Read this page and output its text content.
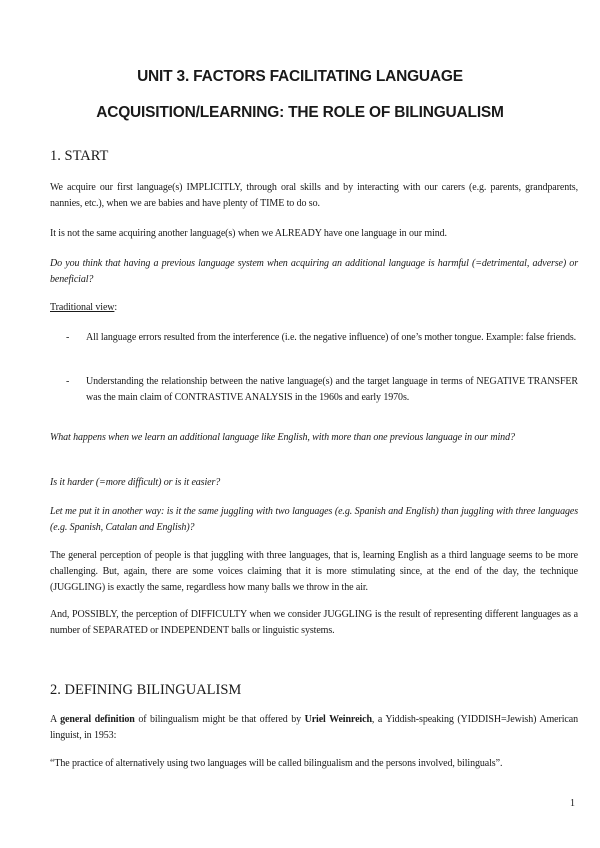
UNIT 3. FACTORS FACILITATING LANGUAGE
ACQUISITION/LEARNING: THE ROLE OF BILINGUALISM
1. START

We acquire our first language(s) IMPLICITLY, through oral skills and by interacting with our carers (e.g. parents, grandparents, nannies, etc.), when we are babies and have plenty of TIME to do so.

It is not the same acquiring another language(s) when we ALREADY have one language in our mind.

Do you think that having a previous language system when acquiring an additional language is harmful (=detrimental, adverse) or beneficial?

Traditional view:

- All language errors resulted from the interference (i.e. the negative influence) of one’s mother tongue. Example: false friends.

- Understanding the relationship between the native language(s) and the target language in terms of NEGATIVE TRANSFER was the main claim of CONTRASTIVE ANALYSIS in the 1960s and early 1970s.

What happens when we learn an additional language like English, with more than one previous language in our mind?

Is it harder (=more difficult) or is it easier?

Let me put it in another way: is it the same juggling with two languages (e.g. Spanish and English) than juggling with three languages (e.g. Spanish, Catalan and English)?

The general perception of people is that juggling with three languages, that is, learning English as a third language seems to be more challenging. But, again, there are some voices claiming that it is more stimulating since, at the end of the day, the technique (JUGGLING) is exactly the same, regardless how many balls we throw in the air.

And, POSSIBLY, the perception of DIFFICULTY when we consider JUGGLING is the result of representing different languages as a number of SEPARATED or INDEPENDENT balls or linguistic systems.

2. DEFINING BILINGUALISM

A general definition of bilingualism might be that offered by Uriel Weinreich, a Yiddish-speaking (YIDDISH=Jewish) American linguist, in 1953:

“The practice of alternatively using two languages will be called bilingualism and the persons involved, bilinguals”.

1
